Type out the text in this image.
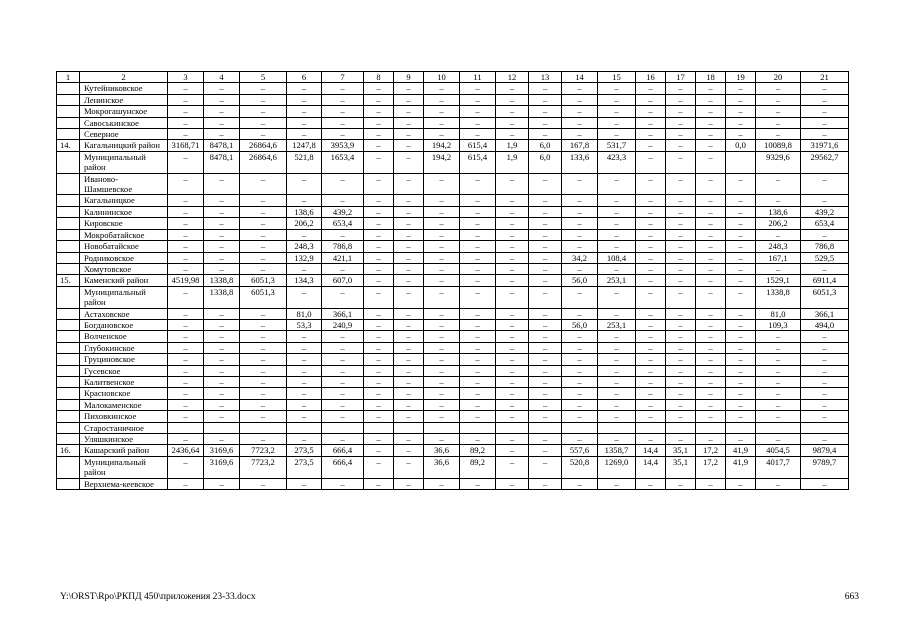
1	2	3	4	5	6	7	8	9	10	11	12	13	14	15	16	17	18	19	20	21
	Кутейниковское	–	–	–	–	–	–	–	–	–	–	–	–	–	–	–	–	–	–	–
	Ленинское	–	–	–	–	–	–	–	–	–	–	–	–	–	–	–	–	–	–	–
	Мокрогашунское	–	–	–	–	–	–	–	–	–	–	–	–	–	–	–	–	–	–	–
	Савоськинское	–	–	–	–	–	–	–	–	–	–	–	–	–	–	–	–	–	–	–
	Северное	–	–	–	–	–	–	–	–	–	–	–	–	–	–	–	–	–	–	–
14.	Кагальницкий район	3168,71	8478,1	26864,6	1247,8	3953,9	–	–	194,2	615,4	1,9	6,0	167,8	531,7	–	–	–	0,0	10089,8	31971,6
	Муниципальный район	–	8478,1	26864,6	521,8	1653,4	–	–	194,2	615,4	1,9	6,0	133,6	423,3	–	–	–		9329,6	29562,7
	Ивановo-Шамшевское	–	–	–	–	–	–	–	–	–	–	–	–	–	–	–	–	–	–	–
	Кагальницкое	–	–	–	–	–	–	–	–	–	–	–	–	–	–	–	–	–	–	–
	Калининское	–	–	–	138,6	439,2	–	–	–	–	–	–	–	–	–	–	–	–	138,6	439,2
	Кировское	–	–	–	206,2	653,4	–	–	–	–	–	–	–	–	–	–	–	–	206,2	653,4
	Мокробатайское	–	–	–	–	–	–	–	–	–	–	–	–	–	–	–	–	–	–	–
	Новобатайское	–	–	–	248,3	786,8	–	–	–	–	–	–	–	–	–	–	–	–	248,3	786,8
	Родниковское	–	–	–	132,9	421,1	–	–	–	–	–	–	34,2	108,4	–	–	–	–	167,1	529,5
	Хомутовское	–	–	–	–	–	–	–	–	–	–	–	–	–	–	–	–	–	–	–
15.	Каменский район	4519,98	1338,8	6051,3	134,3	607,0	–	–	–	–	–	–	56,0	253,1	–	–	–	–	1529,1	6911,4
	Муниципальный район	–	1338,8	6051,3	–	–	–	–	–	–	–	–	–	–	–	–	–	–	1338,8	6051,3
	Астаховское	–	–	–	81,0	366,1	–	–	–	–	–	–	–	–	–	–	–	–	81,0	366,1
	Богдановское	–	–	–	53,3	240,9	–	–	–	–	–	–	56,0	253,1	–	–	–	–	109,3	494,0
	Волченское	–	–	–	–	–	–	–	–	–	–	–	–	–	–	–	–	–	–	–
	Глубокинское	–	–	–	–	–	–	–	–	–	–	–	–	–	–	–	–	–	–	–
	Груциновское	–	–	–	–	–	–	–	–	–	–	–	–	–	–	–	–	–	–	–
	Гусевское	–	–	–	–	–	–	–	–	–	–	–	–	–	–	–	–	–	–	–
	Калитвенское	–	–	–	–	–	–	–	–	–	–	–	–	–	–	–	–	–	–	–
	Красновское	–	–	–	–	–	–	–	–	–	–	–	–	–	–	–	–	–	–	–
	Малокаменское	–	–	–	–	–	–	–	–	–	–	–	–	–	–	–	–	–	–	–
	Пиховкинское	–	–	–	–	–	–	–	–	–	–	–	–	–	–	–	–	–	–	–
	Старостаничное																			
	Уляшкинское	–	–	–	–	–	–	–	–	–	–	–	–	–	–	–	–	–	–	–
16.	Кашарский район	2436,64	3169,6	7723,2	273,5	666,4	–	–	36,6	89,2	–	–	557,6	1358,7	14,4	35,1	17,2	41,9	4054,5	9879,4
	Муниципальный район	–	3169,6	7723,2	273,5	666,4	–	–	36,6	89,2	–	–	520,8	1269,0	14,4	35,1	17,2	41,9	4017,7	9789,7
	Верхнема-кеевское	–	–	–	–	–	–	–	–	–	–	–	–	–	–	–	–	–	–	–
Y:\ORST\Rpo\РКПД 450\приложения 23-33.docx	663
